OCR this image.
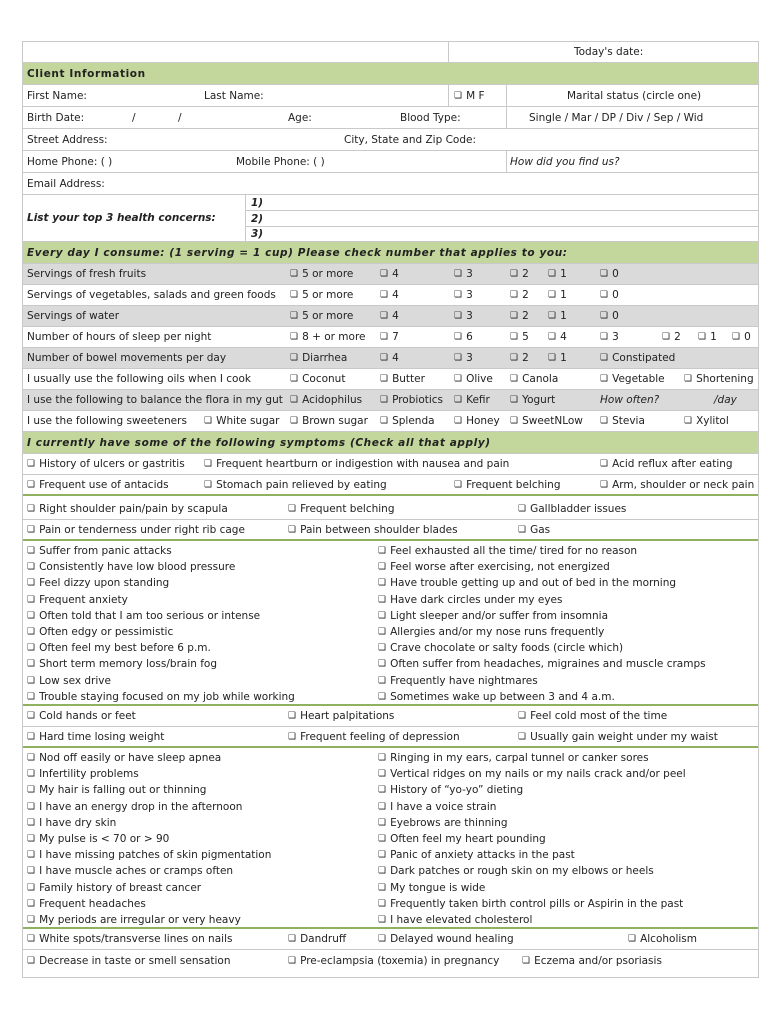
Today's date:
Client Information
First Name:	Last Name:	❏ M F	Marital status (circle one)
Birth Date:	/	/	Age:	Blood Type:	Single / Mar / DP / Div / Sep / Wid
Street Address:	City, State and Zip Code:
Home Phone: ( )	Mobile Phone: ( )	How did you find us?
Email Address:
List your top 3 health concerns:
1)
2)
3)
Every day I consume: (1 serving = 1 cup) Please check number that applies to you:
Servings of fresh fruits	❏ 5 or more	❏ 4	❏ 3	❏ 2	❏ 1	❏ 0
Servings of vegetables, salads and green foods	❏ 5 or more	❏ 4	❏ 3	❏ 2	❏ 1	❏ 0
Servings of water	❏ 5 or more	❏ 4	❏ 3	❏ 2	❏ 1	❏ 0
Number of hours of sleep per night	❏ 8 + or more	❏ 7	❏ 6	❏ 5	❏ 4	❏ 3	❏ 2	❏ 1	❏ 0
Number of bowel movements per day	❏ Diarrhea	❏ 4	❏ 3	❏ 2	❏ 1	❏ Constipated
I usually use the following oils when I cook	❏ Coconut	❏ Butter	❏ Olive	❏ Canola	❏ Vegetable	❏ Shortening
I use the following to balance the flora in my gut	❏ Acidophilus	❏ Probiotics	❏ Kefir	❏ Yogurt	How often?	/day
I use the following sweeteners	❏ White sugar	❏ Brown sugar	❏ Splenda	❏ Honey	❏ SweetNLow	❏ Stevia	❏ Xylitol
I currently have some of the following symptoms (Check all that apply)
❏ History of ulcers or gastritis	❏ Frequent heartburn or indigestion with nausea and pain	❏ Acid reflux after eating
❏ Frequent use of antacids	❏ Stomach pain relieved by eating	❏ Frequent belching	❏ Arm, shoulder or neck pain
❏ Right shoulder pain/pain by scapula	❏ Frequent belching	❏ Gallbladder issues
❏ Pain or tenderness under right rib cage	❏ Pain between shoulder blades	❏ Gas
❏ Suffer from panic attacks	❏ Feel exhausted all the time/ tired for no reason
❏ Consistently have low blood pressure	❏ Feel worse after exercising, not energized
❏ Feel dizzy upon standing	❏ Have trouble getting up and out of bed in the morning
❏ Frequent anxiety	❏ Have dark circles under my eyes
❏ Often told that I am too serious or intense	❏ Light sleeper and/or suffer from insomnia
❏ Often edgy or pessimistic	❏ Allergies and/or my nose runs frequently
❏ Often feel my best before 6 p.m.	❏ Crave chocolate or salty foods (circle which)
❏ Short term memory loss/brain fog	❏ Often suffer from headaches, migraines and muscle cramps
❏ Low sex drive	❏ Frequently have nightmares
❏ Trouble staying focused on my job while working	❏ Sometimes wake up between 3 and 4 a.m.
❏ Cold hands or feet	❏ Heart palpitations	❏ Feel cold most of the time
❏ Hard time losing weight	❏ Frequent feeling of depression	❏ Usually gain weight under my waist
❏ Nod off easily or have sleep apnea	❏ Ringing in my ears, carpal tunnel or canker sores
❏ Infertility problems	❏ Vertical ridges on my nails or my nails crack and/or peel
❏ My hair is falling out or thinning	❏ History of “yo-yo” dieting
❏ I have an energy drop in the afternoon	❏ I have a voice strain
❏ I have dry skin	❏ Eyebrows are thinning
❏ My pulse is < 70 or > 90	❏ Often feel my heart pounding
❏ I have missing patches of skin pigmentation	❏ Panic of anxiety attacks in the past
❏ I have muscle aches or cramps often	❏ Dark patches or rough skin on my elbows or heels
❏ Family history of breast cancer	❏ My tongue is wide
❏ Frequent headaches	❏ Frequently taken birth control pills or Aspirin in the past
❏ My periods are irregular or very heavy	❏ I have elevated cholesterol
❏ White spots/transverse lines on nails	❏ Dandruff	❏ Delayed wound healing	❏ Alcoholism
❏ Decrease in taste or smell sensation	❏ Pre-eclampsia (toxemia) in pregnancy	❏ Eczema and/or psoriasis
